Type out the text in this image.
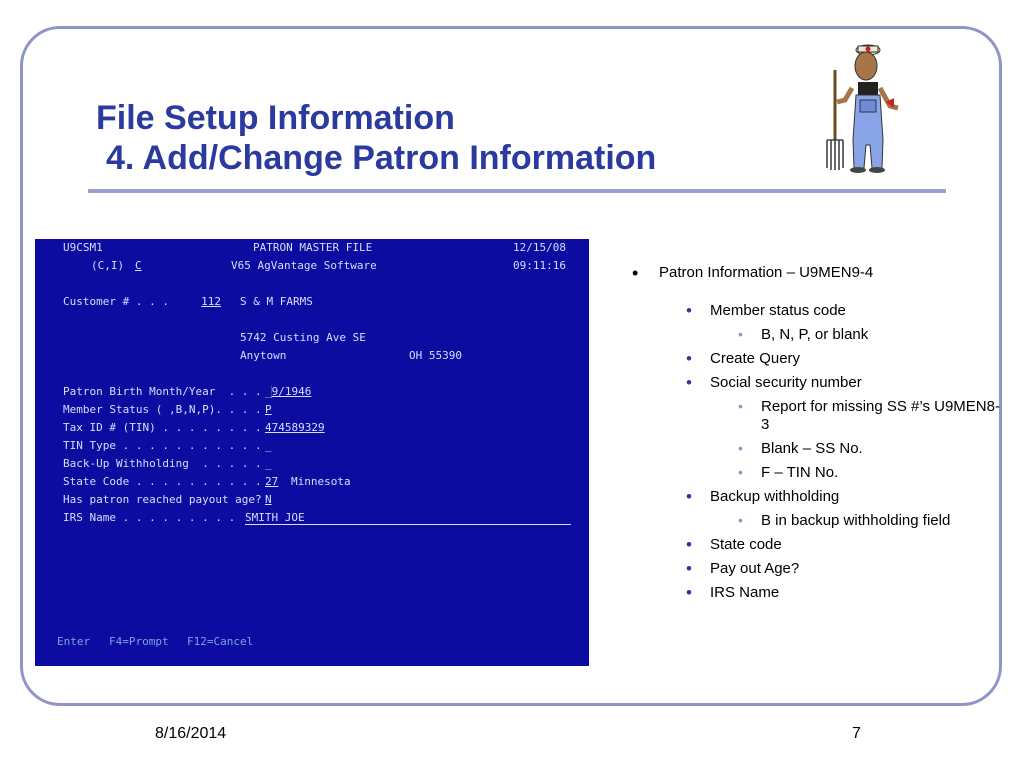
File Setup Information
4. Add/Change Patron Information
U9CSM1	PATRON MASTER FILE	12/15/08
(C,I) C	V65 AgVantage Software	09:11:16
Customer # . . .	112 S & M FARMS
5742 Custing Ave SE
Anytown	OH 55390
Patron Birth Month/Year  . . . █9/1946
Member Status ( ,B,N,P). . . . P
Tax ID # (TIN) . . . . . . . . 474589329
TIN Type . . . . . . . . . . . _
Back-Up Withholding  . . . . . _
State Code . . . . . . . . . . 27 Minnesota
Has patron reached payout age? N
IRS Name . . . . . . . . . SMITH JOE
Enter F4=Prompt F12=Cancel
• Patron Information – U9MEN9-4
• Member status code
• B, N, P, or blank
• Create Query
• Social security number
• Report for missing SS #’s U9MEN8-3
• Blank – SS No.
• F – TIN No.
• Backup withholding
• B in backup withholding field
• State code
• Pay out Age?
• IRS Name
8/16/2014	7
